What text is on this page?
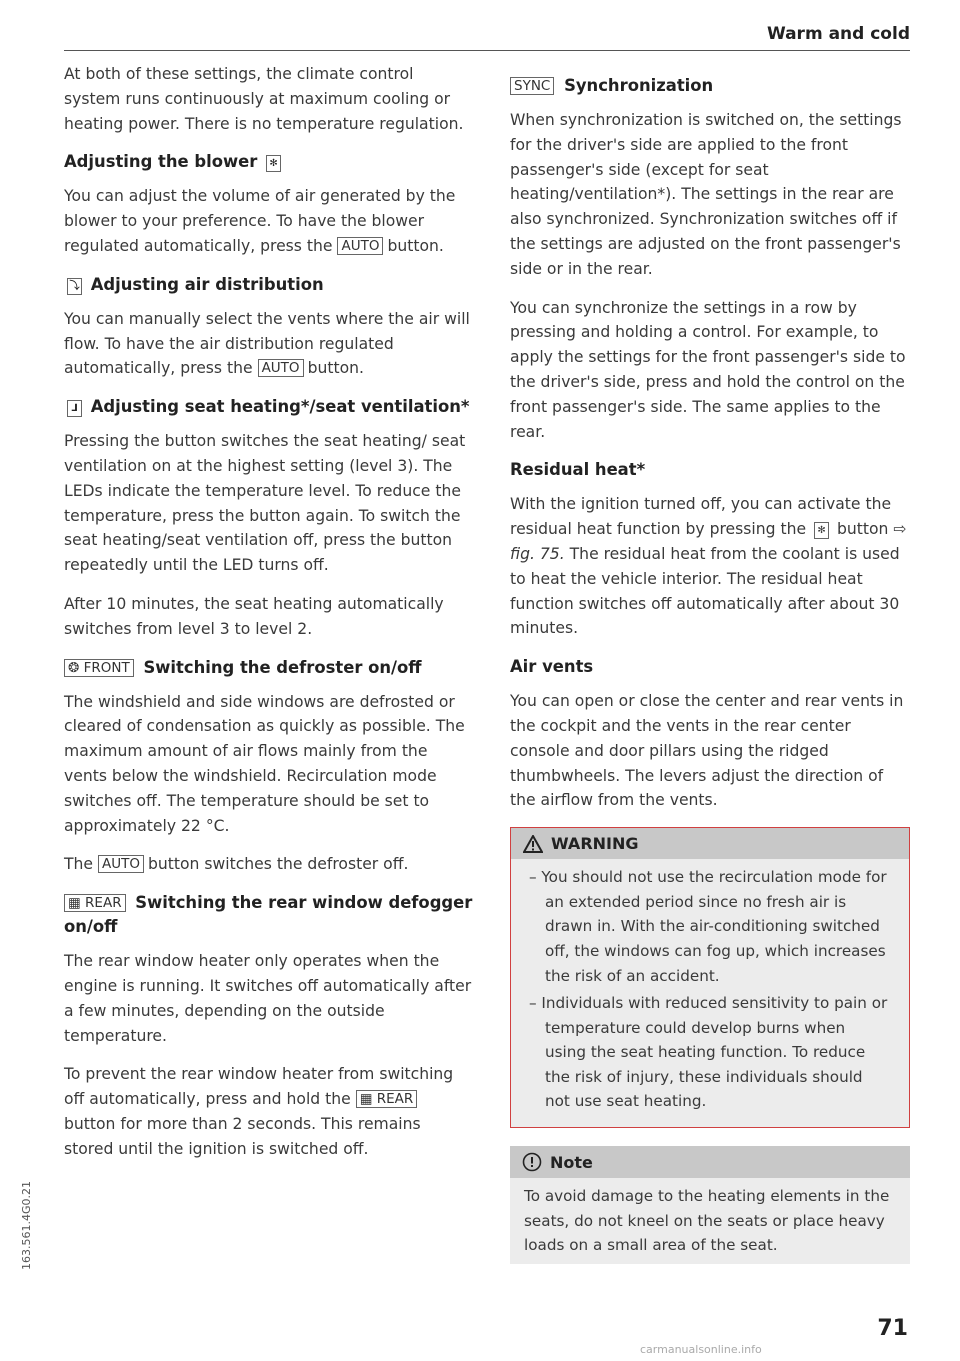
Warm and cold

At both of these settings, the climate control system runs continuously at maximum cooling or heating power. There is no temperature regulation.

Adjusting the blower ✻

You can adjust the volume of air generated by the blower to your preference. To have the blower regulated automatically, press the AUTO button.

⤵ Adjusting air distribution

You can manually select the vents where the air will flow. To have the air distribution regulated automatically, press the AUTO button.

⅃ Adjusting seat heating*/seat ventilation*

Pressing the button switches the seat heating/ seat ventilation on at the highest setting (level 3). The LEDs indicate the temperature level. To reduce the temperature, press the button again. To switch the seat heating/seat ventilation off, press the button repeatedly until the LED turns off.

After 10 minutes, the seat heating automatically switches from level 3 to level 2.

❂ FRONT Switching the defroster on/off

The windshield and side windows are defrosted or cleared of condensation as quickly as possible. The maximum amount of air flows mainly from the vents below the windshield. Recirculation mode switches off. The temperature should be set to approximately 22 °C.

The AUTO button switches the defroster off.

▦ REAR Switching the rear window defogger on/off

The rear window heater only operates when the engine is running. It switches off automatically after a few minutes, depending on the outside temperature.

To prevent the rear window heater from switching off automatically, press and hold the ▦ REAR button for more than 2 seconds. This remains stored until the ignition is switched off.

SYNC Synchronization

When synchronization is switched on, the settings for the driver's side are applied to the front passenger's side (except for seat heating/ventilation*). The settings in the rear are also synchronized. Synchronization switches off if the settings are adjusted on the front passenger's side or in the rear.

You can synchronize the settings in a row by pressing and holding a control. For example, to apply the settings for the front passenger's side to the driver's side, press and hold the control on the front passenger's side. The same applies to the rear.

Residual heat*

With the ignition turned off, you can activate the residual heat function by pressing the ✻ button ⇨ fig. 75. The residual heat from the coolant is used to heat the vehicle interior. The residual heat function switches off automatically after about 30 minutes.

Air vents

You can open or close the center and rear vents in the cockpit and the vents in the rear center console and door pillars using the ridged thumbwheels. The levers adjust the direction of the airflow from the vents.

WARNING

– You should not use the recirculation mode for an extended period since no fresh air is drawn in. With the air-conditioning switched off, the windows can fog up, which increases the risk of an accident.

– Individuals with reduced sensitivity to pain or temperature could develop burns when using the seat heating function. To reduce the risk of injury, these individuals should not use seat heating.

Note

To avoid damage to the heating elements in the seats, do not kneel on the seats or place heavy loads on a small area of the seat.

163.561.4G0.21
71
carmanualsonline.info
